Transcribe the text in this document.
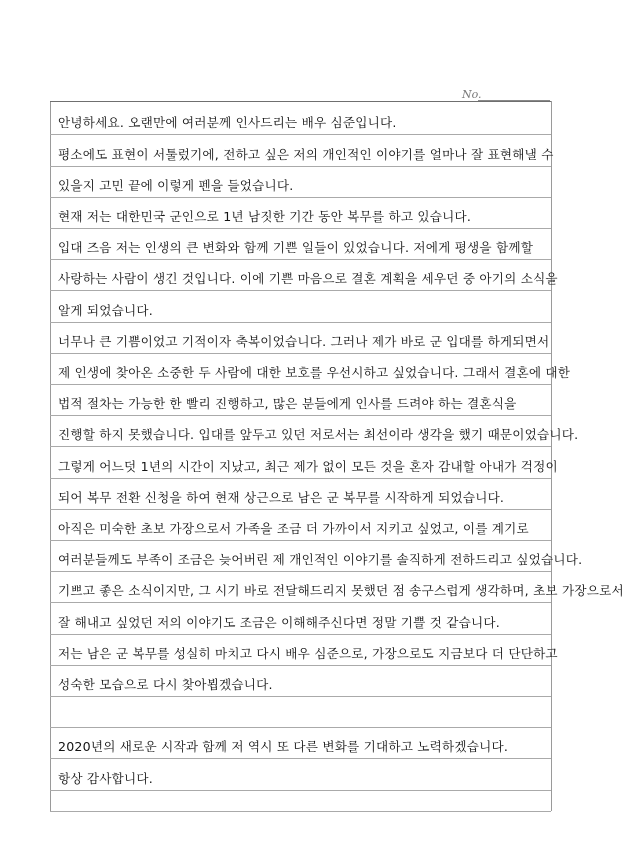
No.
안녕하세요. 오랜만에 여러분께 인사드리는 배우 심준입니다.
평소에도 표현이 서툴렀기에, 전하고 싶은 저의 개인적인 이야기를 얼마나 잘 표현해낼 수
있을지 고민 끝에 이렇게 펜을 들었습니다.
현재 저는 대한민국 군인으로 1년 남짓한 기간 동안 복무를 하고 있습니다.
입대 즈음 저는 인생의 큰 변화와 함께 기쁜 일들이 있었습니다. 저에게 평생을 함께할
사랑하는 사람이 생긴 것입니다. 이에 기쁜 마음으로 결혼 계획을 세우던 중 아기의 소식을
알게 되었습니다.
너무나 큰 기쁨이었고 기적이자 축복이었습니다. 그러나 제가 바로 군 입대를 하게되면서
제 인생에 찾아온 소중한 두 사람에 대한 보호를 우선시하고 싶었습니다. 그래서 결혼에 대한
법적 절차는 가능한 한 빨리 진행하고, 많은 분들에게 인사를 드려야 하는 결혼식을
진행할 하지 못했습니다. 입대를 앞두고 있던 저로서는 최선이라 생각을 했기 때문이었습니다.
그렇게 어느덧 1년의 시간이 지났고, 최근 제가 없이 모든 것을 혼자 감내할 아내가 걱정이
되어 복무 전환 신청을 하여 현재 상근으로 남은 군 복무를 시작하게 되었습니다.
아직은 미숙한 초보 가장으로서 가족을 조금 더 가까이서 지키고 싶었고, 이를 계기로
여러분들께도 부족이 조금은 늦어버린 제 개인적인 이야기를 솔직하게 전하드리고 싶었습니다.
기쁘고 좋은 소식이지만, 그 시기 바로 전달해드리지 못했던 점 송구스럽게 생각하며, 초보 가장으로서
잘 해내고 싶었던 저의 이야기도 조금은 이해해주신다면 정말 기쁠 것 같습니다.
저는 남은 군 복무를 성실히 마치고 다시 배우 심준으로, 가장으로도 지금보다 더 단단하고
성숙한 모습으로 다시 찾아뵙겠습니다.
2020년의 새로운 시작과 함께 저 역시 또 다른 변화를 기대하고 노력하겠습니다.
항상 감사합니다.
